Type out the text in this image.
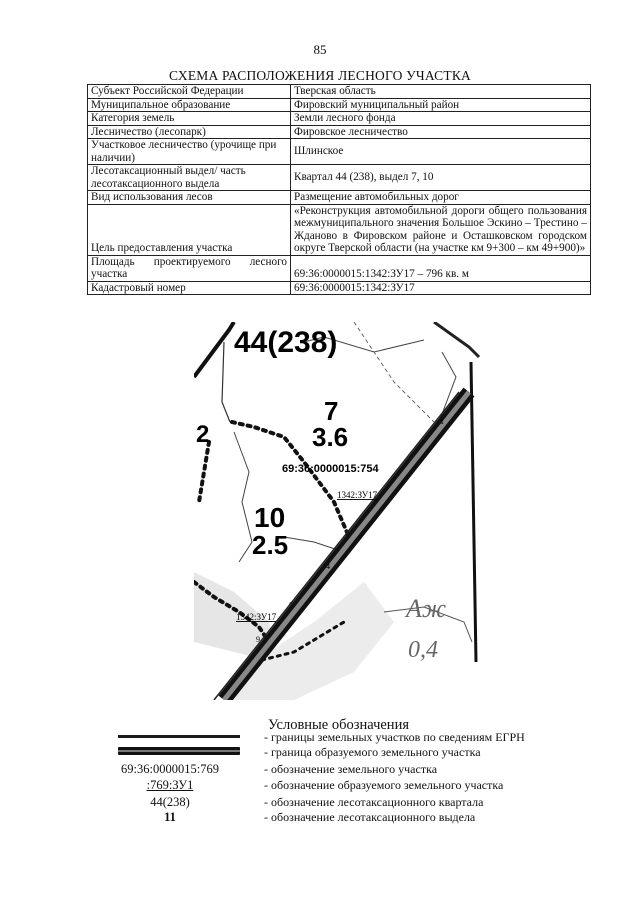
85
СХЕМА РАСПОЛОЖЕНИЯ ЛЕСНОГО УЧАСТКА
Субъект Российской Федерации	Тверская область
Муниципальное образование	Фировский муниципальный район
Категория земель	Земли лесного фонда
Лесничество (лесопарк)	Фировское лесничество
Участковое лесничество (урочище при наличии)	Шлинское
Лесотаксационный выдел/ часть лесотаксационного выдела	Квартал 44 (238), выдел 7, 10
Вид использования лесов	Размещение автомобильных дорог
Цель предоставления участка	«Реконструкция автомобильной дороги общего пользования межмуниципального значения Большое Эскино – Трестино – Жданово в Фировском районе и Осташковском городском округе Тверской области (на участке км 9+300 – км 49+900)»
Площадь проектируемого лесного участка	69:36:0000015:1342:ЗУ17 – 796 кв. м
Кадастровый номер	69:36:0000015:1342:ЗУ17
44(238)
7
3.6
69:36:0000015:754
2
10
2.5
1342:ЗУ17
1342:ЗУ17
1
4
5
9
Аж
0,4
Условные обозначения
- границы земельных участков по сведениям ЕГРН
- граница образуемого земельного участка
69:36:0000015:769	- обозначение земельного участка
:769:ЗУ1	- обозначение образуемого земельного участка
44(238)	- обозначение лесотаксационного квартала
11	- обозначение лесотаксационного выдела
